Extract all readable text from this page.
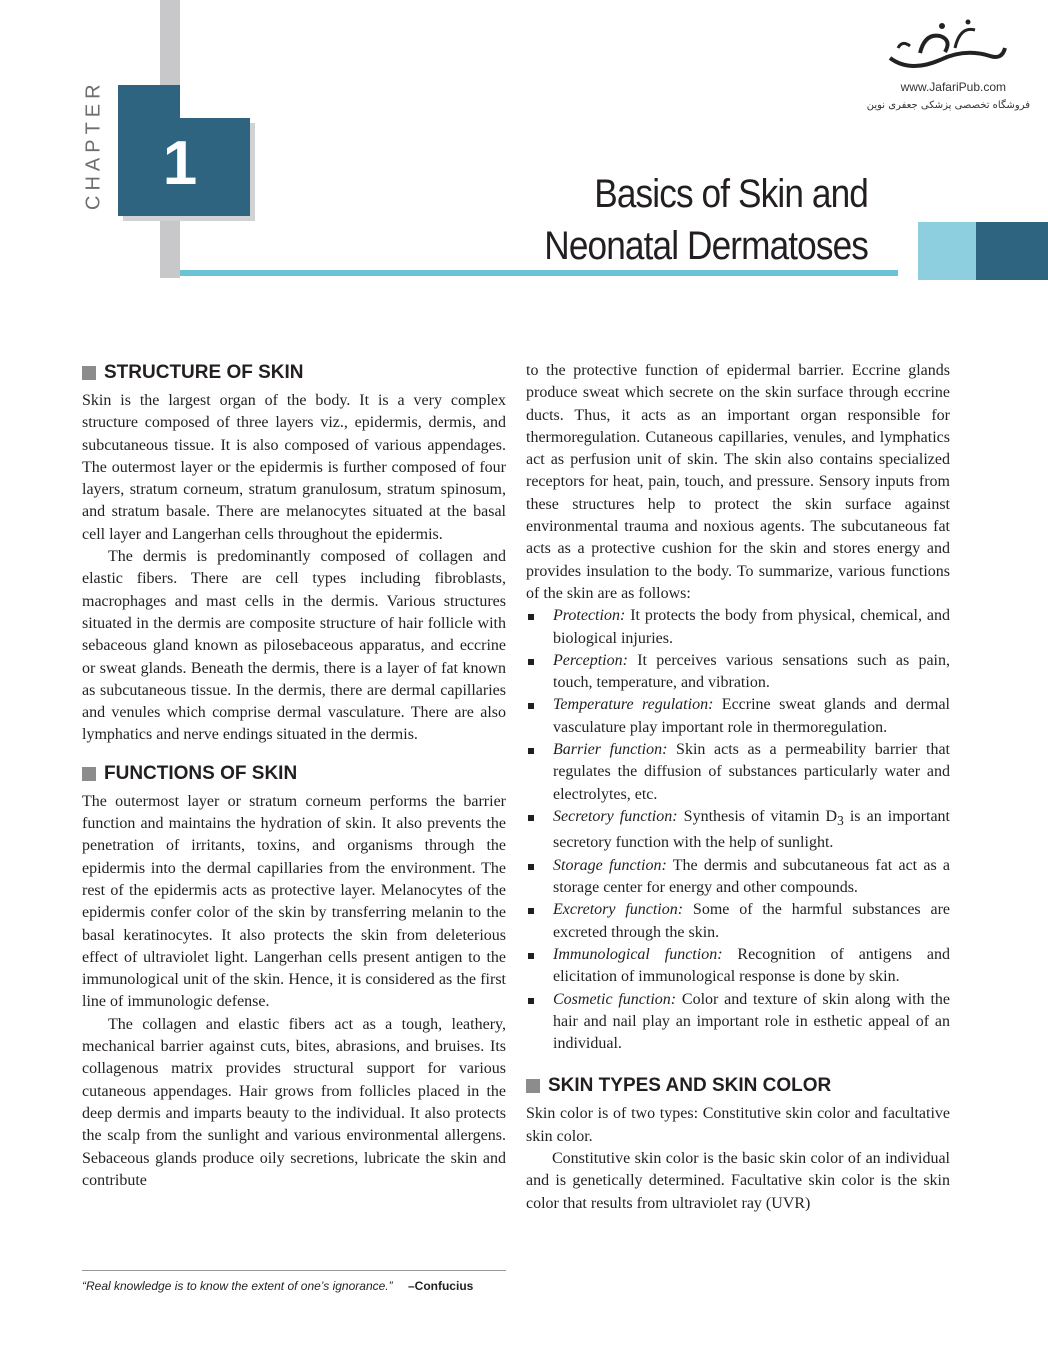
CHAPTER 1	Basics of Skin and
Neonatal Dermatoses
www.JafariPub.com
فروشگاه تخصصی پزشکی جعفری نوین
STRUCTURE OF SKIN

Skin is the largest organ of the body. It is a very complex structure composed of three layers viz., epidermis, dermis, and subcutaneous tissue. It is also composed of various appendages. The outermost layer or the epidermis is further composed of four layers, stratum corneum, stratum granulosum, stratum spinosum, and stratum basale. There are melanocytes situated at the basal cell layer and Langerhan cells throughout the epidermis.

The dermis is predominantly composed of collagen and elastic fibers. There are cell types including fibroblasts, macrophages and mast cells in the dermis. Various structures situated in the dermis are composite structure of hair follicle with sebaceous gland known as pilosebaceous apparatus, and eccrine or sweat glands. Beneath the dermis, there is a layer of fat known as subcutaneous tissue. In the dermis, there are dermal capillaries and venules which comprise dermal vasculature. There are also lymphatics and nerve endings situated in the dermis.

FUNCTIONS OF SKIN

The outermost layer or stratum corneum performs the barrier function and maintains the hydration of skin. It also prevents the penetration of irritants, toxins, and organisms through the epidermis into the dermal capillaries from the environment. The rest of the epidermis acts as protective layer. Melanocytes of the epidermis confer color of the skin by transferring melanin to the basal keratinocytes. It also protects the skin from deleterious effect of ultraviolet light. Langerhan cells present antigen to the immunological unit of the skin. Hence, it is considered as the first line of immunologic defense.

The collagen and elastic fibers act as a tough, leathery, mechanical barrier against cuts, bites, abrasions, and bruises. Its collagenous matrix provides structural support for various cutaneous appendages. Hair grows from follicles placed in the deep dermis and imparts beauty to the individual. It also protects the scalp from the sunlight and various environmental allergens. Sebaceous glands produce oily secretions, lubricate the skin and contribute

to the protective function of epidermal barrier. Eccrine glands produce sweat which secrete on the skin surface through eccrine ducts. Thus, it acts as an important organ responsible for thermoregulation. Cutaneous capillaries, venules, and lymphatics act as perfusion unit of skin. The skin also contains specialized receptors for heat, pain, touch, and pressure. Sensory inputs from these structures help to protect the skin surface against environmental trauma and noxious agents. The subcutaneous fat acts as a protective cushion for the skin and stores energy and provides insulation to the body. To summarize, various functions of the skin are as follows:

Protection: It protects the body from physical, chemical, and biological injuries.
Perception: It perceives various sensations such as pain, touch, temperature, and vibration.
Temperature regulation: Eccrine sweat glands and dermal vasculature play important role in thermoregulation.
Barrier function: Skin acts as a permeability barrier that regulates the diffusion of substances particularly water and electrolytes, etc.
Secretory function: Synthesis of vitamin $D_3$ is an important secretory function with the help of sunlight.
Storage function: The dermis and subcutaneous fat act as a storage center for energy and other compounds.
Excretory function: Some of the harmful substances are excreted through the skin.
Immunological function: Recognition of antigens and elicitation of immunological response is done by skin.
Cosmetic function: Color and texture of skin along with the hair and nail play an important role in esthetic appeal of an individual.
SKIN TYPES AND SKIN COLOR

Skin color is of two types: Constitutive skin color and facultative skin color.

Constitutive skin color is the basic skin color of an individual and is genetically determined. Facultative skin color is the skin color that results from ultraviolet ray (UVR)

“Real knowledge is to know the extent of one’s ignorance.” –Confucius
